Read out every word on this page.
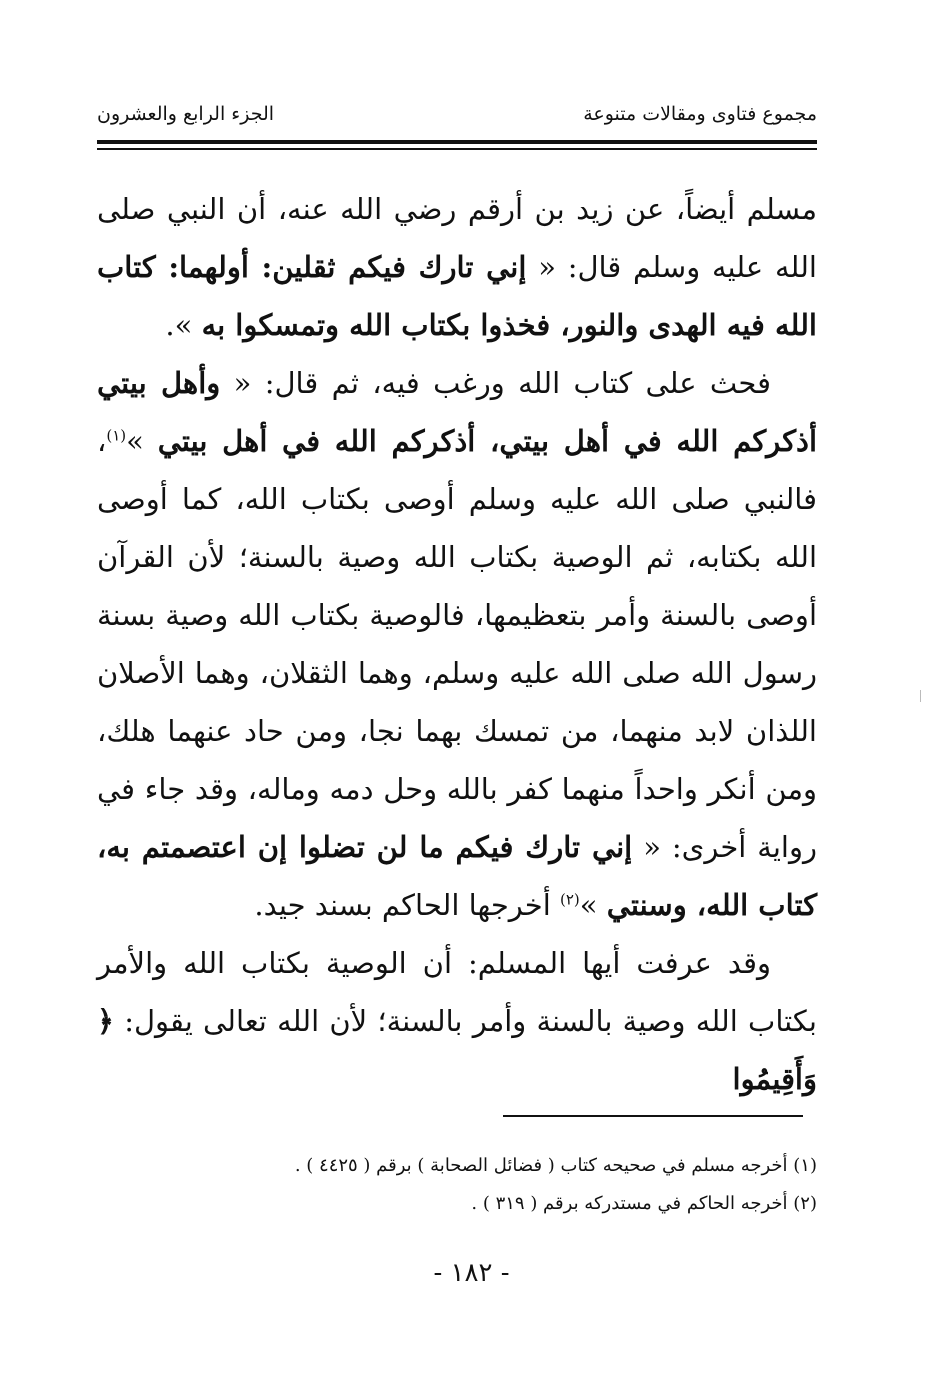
مجموع فتاوى ومقالات متنوعة
الجزء الرابع والعشرون

مسلم أيضاً، عن زيد بن أرقم رضي الله عنه، أن النبي صلى الله عليه وسلم قال: « إني تارك فيكم ثقلين: أولهما: كتاب الله فيه الهدى والنور، فخذوا بكتاب الله وتمسكوا به ».

فحث على كتاب الله ورغب فيه، ثم قال: « وأهل بيتي أذكركم الله في أهل بيتي، أذكركم الله في أهل بيتي »$^{(١)}$، فالنبي صلى الله عليه وسلم أوصى بكتاب الله، كما أوصى الله بكتابه، ثم الوصية بكتاب الله وصية بالسنة؛ لأن القرآن أوصى بالسنة وأمر بتعظيمها، فالوصية بكتاب الله وصية بسنة رسول الله صلى الله عليه وسلم، وهما الثقلان، وهما الأصلان اللذان لابد منهما، من تمسك بهما نجا، ومن حاد عنهما هلك، ومن أنكر واحداً منهما كفر بالله وحل دمه وماله، وقد جاء في رواية أخرى: « إني تارك فيكم ما لن تضلوا إن اعتصمتم به، كتاب الله، وسنتي »$^{(٢)}$ أخرجها الحاكم بسند جيد.

وقد عرفت أيها المسلم: أن الوصية بكتاب الله والأمر بكتاب الله وصية بالسنة وأمر بالسنة؛ لأن الله تعالى يقول: ﴿ وَأَقِيمُوا

(١) أخرجه مسلم في صحيحه كتاب ( فضائل الصحابة ) برقم ( ٤٤٢٥ ) .
(٢) أخرجه الحاكم في مستدركه برقم ( ٣١٩ ) .
- ١٨٢ -
